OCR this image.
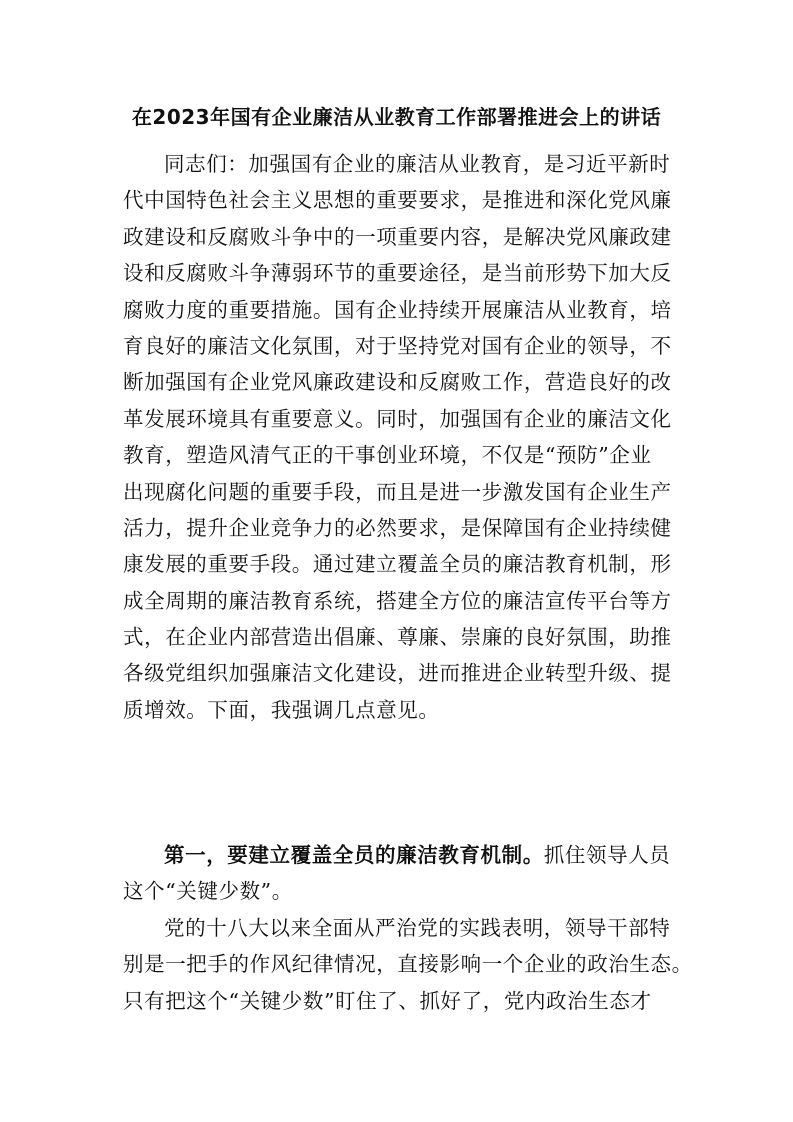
在2023年国有企业廉洁从业教育工作部署推进会上的讲话
同志们：加强国有企业的廉洁从业教育，是习近平新时
代中国特色社会主义思想的重要要求，是推进和深化党风廉
政建设和反腐败斗争中的一项重要内容，是解决党风廉政建
设和反腐败斗争薄弱环节的重要途径，是当前形势下加大反
腐败力度的重要措施。国有企业持续开展廉洁从业教育，培
育良好的廉洁文化氛围，对于坚持党对国有企业的领导，不
断加强国有企业党风廉政建设和反腐败工作，营造良好的改
革发展环境具有重要意义。同时，加强国有企业的廉洁文化
教育，塑造风清气正的干事创业环境，不仅是“预防”企业
出现腐化问题的重要手段，而且是进一步激发国有企业生产
活力，提升企业竞争力的必然要求，是保障国有企业持续健
康发展的重要手段。通过建立覆盖全员的廉洁教育机制，形
成全周期的廉洁教育系统，搭建全方位的廉洁宣传平台等方
式，在企业内部营造出倡廉、尊廉、崇廉的良好氛围，助推
各级党组织加强廉洁文化建设，进而推进企业转型升级、提
质增效。下面，我强调几点意见。
第一，要建立覆盖全员的廉洁教育机制。抓住领导人员
这个“关键少数”。
党的十八大以来全面从严治党的实践表明，领导干部特
别是一把手的作风纪律情况，直接影响一个企业的政治生态。
只有把这个“关键少数”盯住了、抓好了，党内政治生态才
